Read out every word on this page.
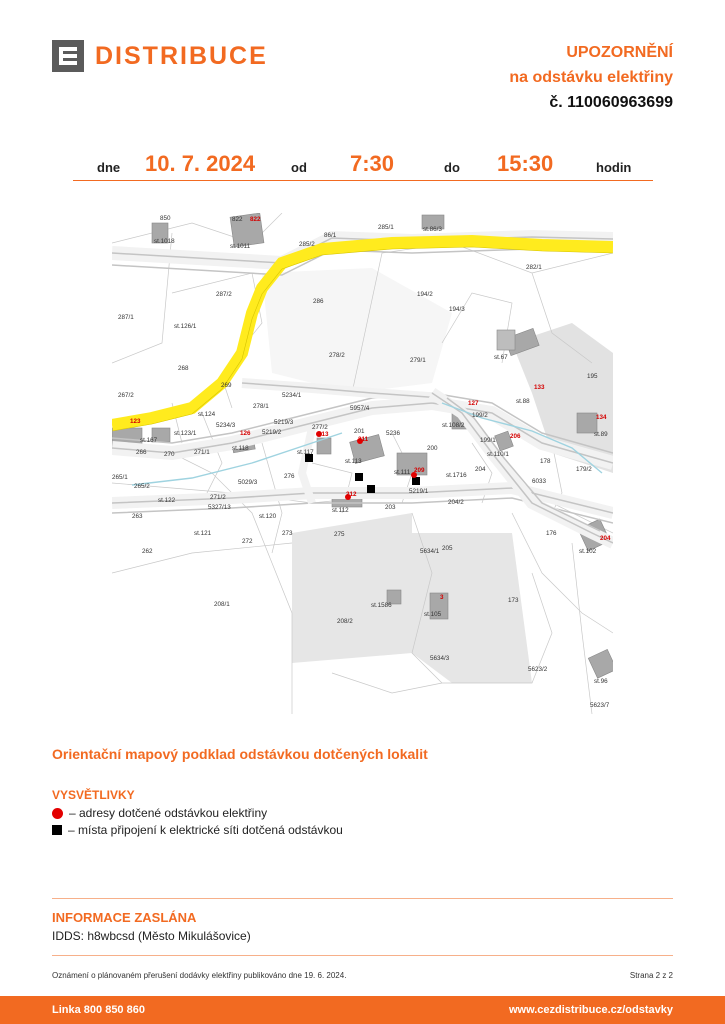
DISTRIBUCE	UPOZORNĚNÍ
na odstávku elektřiny
č. 110060963699
dne 10. 7. 2024	od 7:30	do 15:30	hodin
850	822
st.1018
st.1011
86/1
285/1	st.86/3
285/2
282/1
287/2
286
194/2
194/3
287/1
st.126/1
278/2
279/1	st.67
195
268
st.88
267/2
269
5234/1
278/1	5957/4
st.124
5234/3	5219/3
277/2
201	5236
st.108/2
199/2
st.89
st.167
st.123/1	5219/2
199/1
266	270	271/1
st.118
st.117
st.113
200
st.110/1
178
265/1	276
st.111	st.1716
179/2
265/2
5029/3
5219/1
6033
st.122	271/2
204/2
263
5327/13
st.120
203
st.112
176
272
273	275
st.121
5634/1 205	st.102
262
173
208/1	st.1586
st.105
208/2
5634/3
5623/2
st.96
5623/7
204
822
133
127
134
123
126	213
211	206
209
212
204
3
Orientační mapový podklad odstávkou dotčených lokalit
VYSVĚTLIVKY
– adresy dotčené odstávkou elektřiny
– místa připojení k elektrické síti dotčená odstávkou
INFORMACE ZASLÁNA
IDDS: h8wbcsd (Město Mikulášovice)
Oznámení o plánovaném přerušení dodávky elektřiny publikováno dne 19. 6. 2024.	Strana 2 z 2
Linka 800 850 860	www.cezdistribuce.cz/odstavky
